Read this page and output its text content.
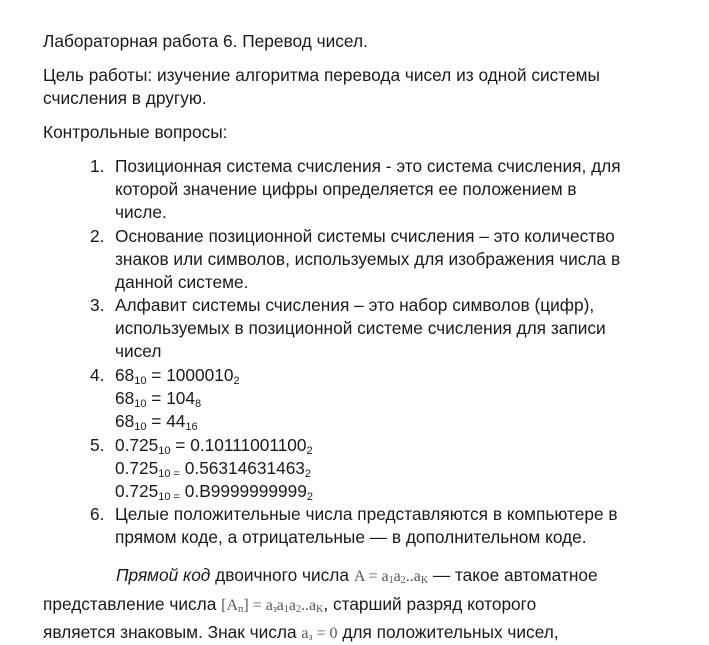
Лабораторная работа 6. Перевод чисел.
Цель работы: изучение алгоритма перевода чисел из одной системы
счисления в другую.
Контрольные вопросы:
1. Позиционная система счисления - это система счисления, для
которой значение цифры определяется ее положением в
числе.
2. Основание позиционной системы счисления – это количество
знаков или символов, используемых для изображения числа в
данной системе.
3. Алфавит системы счисления – это набор символов (цифр),
используемых в позиционной системе счисления для записи
чисел
4. $68_{10} = 1000010_2$
$68_{10} = 104_8$
$68_{10} = 44_{16}$
5. $0.725_{10} = 0.10111001100_2$
$0.725_{10 =}$ $0.56314631463_2$
$0.725_{10 =}$ $0.B9999999999_2$
6. Целые положительные числа представляются в компьютере в
прямом коде, а отрицательные — в дополнительном коде.
Прямой код двоичного числа $A = a_1a_2..a_K$ — такое автоматное
представление числа $[A_п] = a_зa_1a_2..a_K$, старший разряд которого
является знаковым. Знак числа $a_з = 0$ для положительных чисел,
